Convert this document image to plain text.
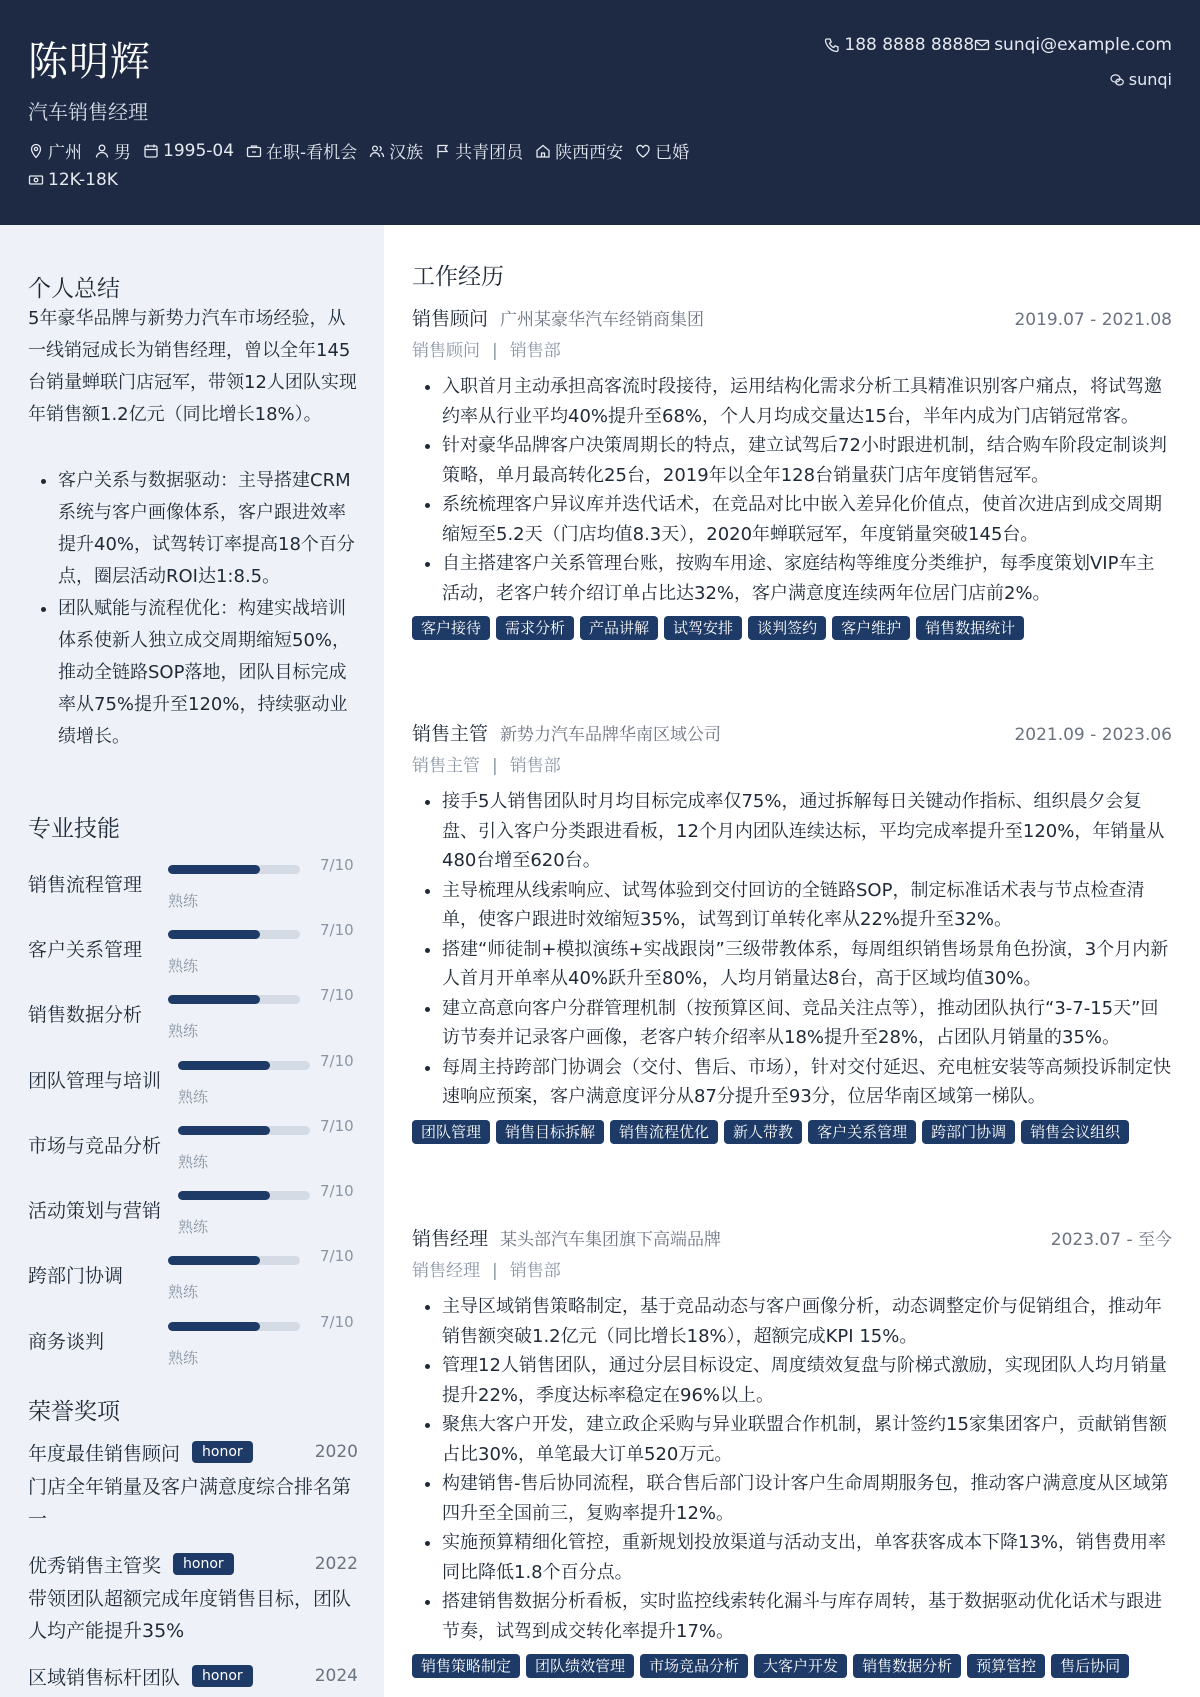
陈明辉
汽车销售经理
广州 男 1995-04 在职-看机会 汉族 共青团员 陕西西安 已婚
12K-18K
188 8888 8888 sunqi@example.com
sunqi
个人总结
5年豪华品牌与新势力汽车市场经验，从一线销冠成长为销售经理，曾以全年145台销量蝉联门店冠军，带领12人团队实现年销售额1.2亿元（同比增长18%）。
• 客户关系与数据驱动：主导搭建CRM系统与客户画像体系，客户跟进效率提升40%，试驾转订率提高18个百分点，圈层活动ROI达1:8.5。
• 团队赋能与流程优化：构建实战培训体系使新人独立成交周期缩短50%，推动全链路SOP落地，团队目标完成率从75%提升至120%，持续驱动业绩增长。
专业技能
销售流程管理
7/10
熟练
客户关系管理
7/10
熟练
销售数据分析
7/10
熟练
团队管理与培训
7/10
熟练
市场与竞品分析
7/10
熟练
活动策划与营销
7/10
熟练
跨部门协调
7/10
熟练
商务谈判
7/10
熟练
荣誉奖项
年度最佳销售顾问	honor	2020
门店全年销量及客户满意度综合排名第一
优秀销售主管奖	honor	2022
带领团队超额完成年度销售目标，团队人均产能提升35%
区域销售标杆团队	honor	2024
工作经历
销售顾问 广州某豪华汽车经销商集团	2019.07 - 2021.08
销售顾问 | 销售部
• 入职首月主动承担高客流时段接待，运用结构化需求分析工具精准识别客户痛点，将试驾邀约率从行业平均40%提升至68%，个人月均成交量达15台，半年内成为门店销冠常客。
• 针对豪华品牌客户决策周期长的特点，建立试驾后72小时跟进机制，结合购车阶段定制谈判策略，单月最高转化25台，2019年以全年128台销量获门店年度销售冠军。
• 系统梳理客户异议库并迭代话术，在竞品对比中嵌入差异化价值点，使首次进店到成交周期缩短至5.2天（门店均值8.3天），2020年蝉联冠军，年度销量突破145台。
• 自主搭建客户关系管理台账，按购车用途、家庭结构等维度分类维护，每季度策划VIP车主活动，老客户转介绍订单占比达32%，客户满意度连续两年位居门店前2%。
客户接待	需求分析	产品讲解	试驾安排	谈判签约	客户维护	销售数据统计
销售主管 新势力汽车品牌华南区域公司	2021.09 - 2023.06
销售主管 | 销售部
• 接手5人销售团队时月均目标完成率仅75%，通过拆解每日关键动作指标、组织晨夕会复盘、引入客户分类跟进看板，12个月内团队连续达标，平均完成率提升至120%，年销量从480台增至620台。
• 主导梳理从线索响应、试驾体验到交付回访的全链路SOP，制定标准话术表与节点检查清单，使客户跟进时效缩短35%，试驾到订单转化率从22%提升至32%。
• 搭建“师徒制+模拟演练+实战跟岗”三级带教体系，每周组织销售场景角色扮演，3个月内新人首月开单率从40%跃升至80%，人均月销量达8台，高于区域均值30%。
• 建立高意向客户分群管理机制（按预算区间、竞品关注点等），推动团队执行“3-7-15天”回访节奏并记录客户画像，老客户转介绍率从18%提升至28%，占团队月销量的35%。
• 每周主持跨部门协调会（交付、售后、市场），针对交付延迟、充电桩安装等高频投诉制定快速响应预案，客户满意度评分从87分提升至93分，位居华南区域第一梯队。
团队管理	销售目标拆解	销售流程优化	新人带教	客户关系管理	跨部门协调	销售会议组织
销售经理 某头部汽车集团旗下高端品牌	2023.07 - 至今
销售经理 | 销售部
• 主导区域销售策略制定，基于竞品动态与客户画像分析，动态调整定价与促销组合，推动年销售额突破1.2亿元（同比增长18%），超额完成KPI 15%。
• 管理12人销售团队，通过分层目标设定、周度绩效复盘与阶梯式激励，实现团队人均月销量提升22%，季度达标率稳定在96%以上。
• 聚焦大客户开发，建立政企采购与异业联盟合作机制，累计签约15家集团客户，贡献销售额占比30%，单笔最大订单520万元。
• 构建销售-售后协同流程，联合售后部门设计客户生命周期服务包，推动客户满意度从区域第四升至全国前三，复购率提升12%。
• 实施预算精细化管控，重新规划投放渠道与活动支出，单客获客成本下降13%，销售费用率同比降低1.8个百分点。
• 搭建销售数据分析看板，实时监控线索转化漏斗与库存周转，基于数据驱动优化话术与跟进节奏，试驾到成交转化率提升17%。
销售策略制定	团队绩效管理	市场竞品分析	大客户开发	销售数据分析	预算管控	售后协同
